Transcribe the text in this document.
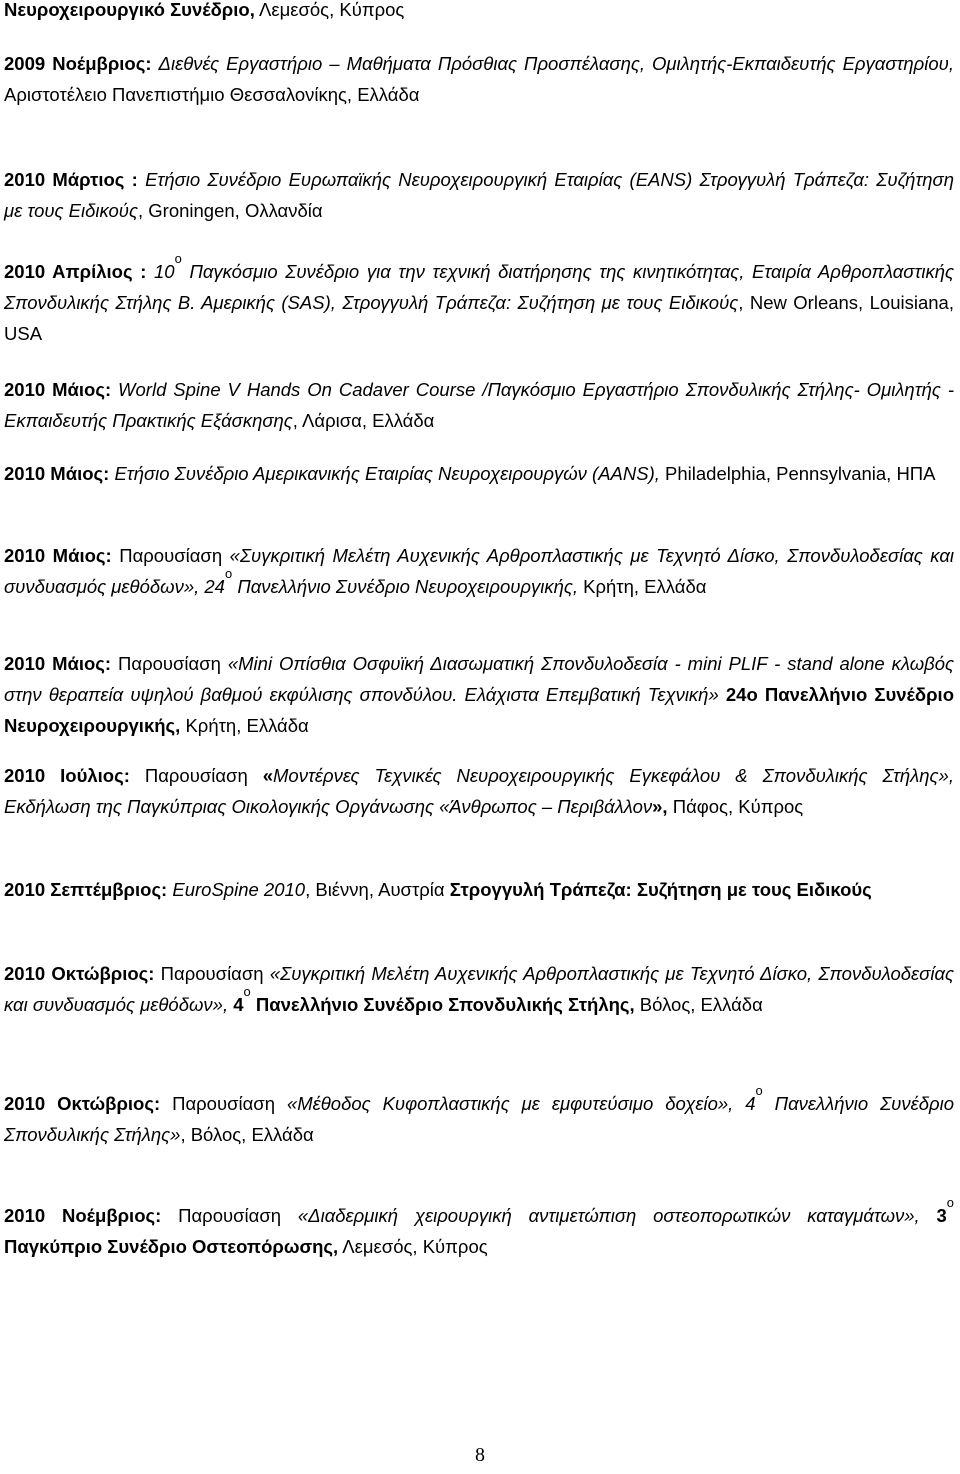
Νευροχειρουργικό Συνέδριο, Λεμεσός, Κύπρος

2009 Νοέμβριος: Διεθνές Εργαστήριο – Μαθήματα Πρόσθιας Προσπέλασης, Ομιλητής-Εκπαιδευτής Εργαστηρίου, Αριστοτέλειο Πανεπιστήμιο Θεσσαλονίκης, Ελλάδα

2010 Μάρτιος : Ετήσιο Συνέδριο Ευρωπαϊκής Νευροχειρουργική Εταιρίας (EANS) Στρογγυλή Τράπεζα: Συζήτηση με τους Ειδικούς, Groningen, Ολλανδία

2010 Απρίλιος : $10^o$ Παγκόσμιο Συνέδριο για την τεχνική διατήρησης της κινητικότητας, Εταιρία Αρθροπλαστικής Σπονδυλικής Στήλης Β. Αμερικής (SAS), Στρογγυλή Τράπεζα: Συζήτηση με τους Ειδικούς, New Orleans, Louisiana, USA

2010 Μάιος: World Spine V Hands On Cadaver Course /Παγκόσμιο Εργαστήριο Σπονδυλικής Στήλης- Ομιλητής - Εκπαιδευτής Πρακτικής Εξάσκησης, Λάρισα, Ελλάδα

2010 Μάιος: Ετήσιο Συνέδριο Αμερικανικής Εταιρίας Νευροχειρουργών (AANS), Philadelphia, Pennsylvania, ΗΠΑ

2010 Μάιος: Παρουσίαση «Συγκριτική Μελέτη Αυχενικής Αρθροπλαστικής με Τεχνητό Δίσκο, Σπονδυλοδεσίας και συνδυασμός μεθόδων», $24^o$ Πανελλήνιο Συνέδριο Νευροχειρουργικής, Κρήτη, Ελλάδα

2010 Μάιος: Παρουσίαση «Mini Οπίσθια Οσφυϊκή Διασωματική Σπονδυλοδεσία - mini PLIF - stand alone κλωβός στην θεραπεία υψηλού βαθμού εκφύλισης σπονδύλου. Ελάχιστα Επεμβατική Τεχνική» 24ο Πανελλήνιο Συνέδριο Νευροχειρουργικής, Κρήτη, Ελλάδα

2010 Ιούλιος: Παρουσίαση «Μοντέρνες Τεχνικές Νευροχειρουργικής Εγκεφάλου & Σπονδυλικής Στήλης», Εκδήλωση της Παγκύπριας Οικολογικής Οργάνωσης «Άνθρωπος – Περιβάλλον», Πάφος, Κύπρος

2010 Σεπτέμβριος: EuroSpine 2010, Βιέννη, Αυστρία Στρογγυλή Τράπεζα: Συζήτηση με τους Ειδικούς

2010 Οκτώβριος: Παρουσίαση «Συγκριτική Μελέτη Αυχενικής Αρθροπλαστικής με Τεχνητό Δίσκο, Σπονδυλοδεσίας και συνδυασμός μεθόδων», $4^o$ Πανελλήνιο Συνέδριο Σπονδυλικής Στήλης, Βόλος, Ελλάδα

2010 Οκτώβριος: Παρουσίαση «Μέθοδος Κυφοπλαστικής με εμφυτεύσιμο δοχείο», $4^o$ Πανελλήνιο Συνέδριο Σπονδυλικής Στήλης», Βόλος, Ελλάδα

2010 Νοέμβριος: Παρουσίαση «Διαδερμική χειρουργική αντιμετώπιση οστεοπορωτικών καταγμάτων», $3^o$ Παγκύπριο Συνέδριο Οστεοπόρωσης, Λεμεσός, Κύπρος

8
